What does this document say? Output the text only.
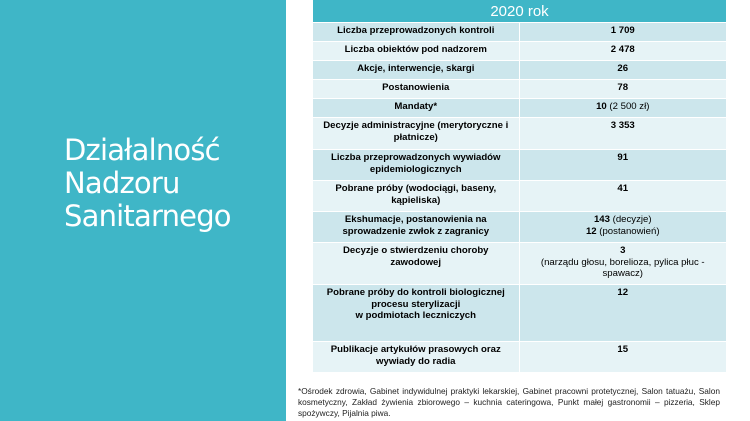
Działalność
Nadzoru
Sanitarnego
2020 rok	
Liczba przeprowadzonych kontroli	1 709
Liczba obiektów pod nadzorem	2 478
Akcje, interwencje, skargi	26
Postanowienia	78
Mandaty*	10 (2 500 zł)
Decyzje administracyjne (merytoryczne i płatnicze)	3 353
Liczba przeprowadzonych wywiadów epidemiologicznych	91
Pobrane próby (wodociągi, baseny, kąpieliska)	41
Ekshumacje, postanowienia na sprowadzenie zwłok z zagranicy	143 (decyzje)
12 (postanowień)

Decyzje o stwierdzeniu choroby zawodowej	3
(narządu głosu, borelioza, pylica płuc - spawacz)

Pobrane próby do kontroli biologicznej procesu sterylizacji
w podmiotach leczniczych	12
Publikacje artykułów prasowych oraz wywiady do radia	15
*Ośrodek zdrowia, Gabinet indywidulnej praktyki lekarskiej, Gabinet pracowni protetycznej, Salon tatuażu, Salon kosmetyczny, Zakład żywienia zbiorowego – kuchnia cateringowa, Punkt małej gastronomii – pizzeria, Sklep spożywczy, Pijalnia piwa.
